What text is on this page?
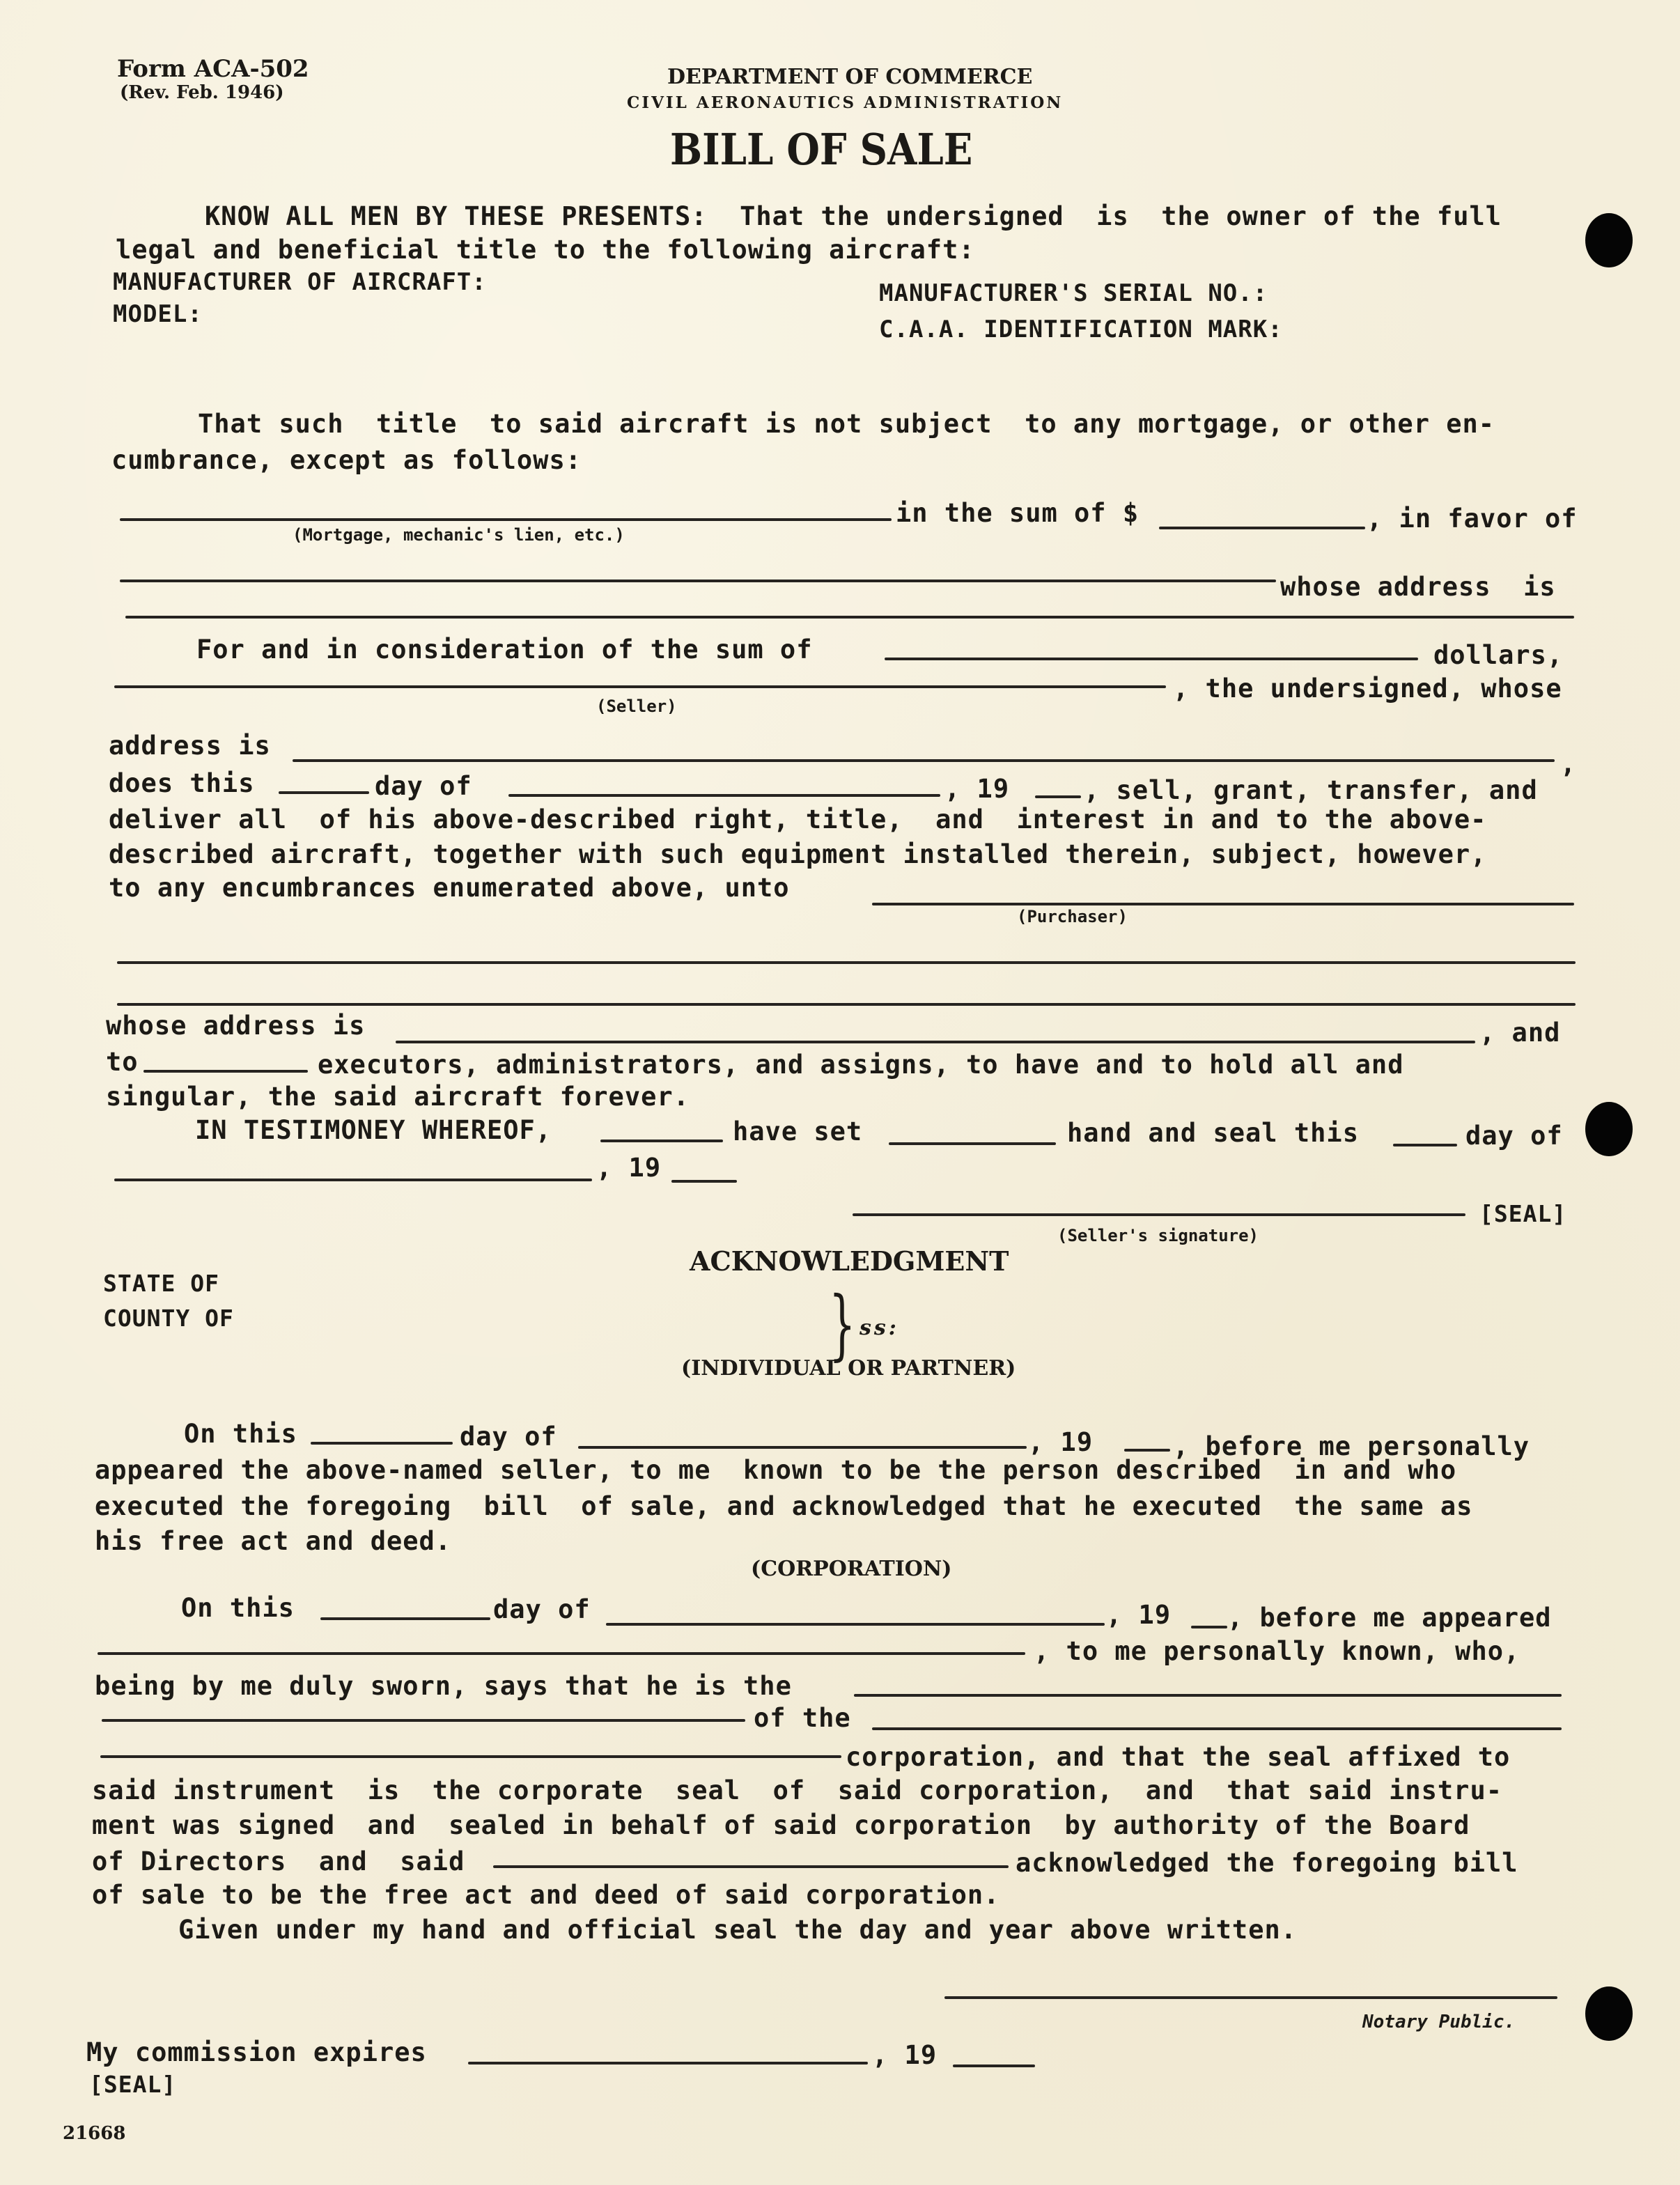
Form ACA-502
(Rev. Feb. 1946)
DEPARTMENT OF COMMERCE
CIVIL AERONAUTICS ADMINISTRATION
BILL OF SALE
KNOW ALL MEN BY THESE PRESENTS:  That the undersigned  is  the owner of the full
legal and beneficial title to the following aircraft:
MANUFACTURER OF AIRCRAFT:
MODEL:
MANUFACTURER'S SERIAL NO.:
C.A.A. IDENTIFICATION MARK:
That such  title  to said aircraft is not subject  to any mortgage, or other en-
cumbrance, except as follows:
in the sum of $	, in favor of
(Mortgage, mechanic's lien, etc.)
whose address  is
For and in consideration of the sum of	dollars,
, the undersigned, whose
(Seller)
address is
,
does this	day of	, 19	, sell, grant, transfer, and
deliver all  of his above-described right, title,  and  interest in and to the above-
described aircraft, together with such equipment installed therein, subject, however,
to any encumbrances enumerated above, unto
(Purchaser)
whose address is	, and
to	executors, administrators, and assigns, to have and to hold all and
singular, the said aircraft forever.
IN TESTIMONEY WHEREOF,	have set	hand and seal this	day of
, 19
[SEAL]
(Seller's signature)
ACKNOWLEDGMENT
STATE OF
COUNTY OF	} ss:
(INDIVIDUAL OR PARTNER)
On this	day of	, 19	, before me personally
appeared the above-named seller, to me  known to be the person described  in and who
executed the foregoing  bill  of sale, and acknowledged that he executed  the same as
his free act and deed.
(CORPORATION)
On this	day of	, 19 , before me appeared
, to me personally known, who,
being by me duly sworn, says that he is the
of the
corporation, and that the seal affixed to
said instrument  is  the corporate  seal  of  said corporation,  and  that said instru-
ment was signed  and  sealed in behalf of said corporation  by authority of the Board
of Directors  and  said	acknowledged the foregoing bill
of sale to be the free act and deed of said corporation.
Given under my hand and official seal the day and year above written.
Notary Public.
My commission expires	, 19
[SEAL]
21668
